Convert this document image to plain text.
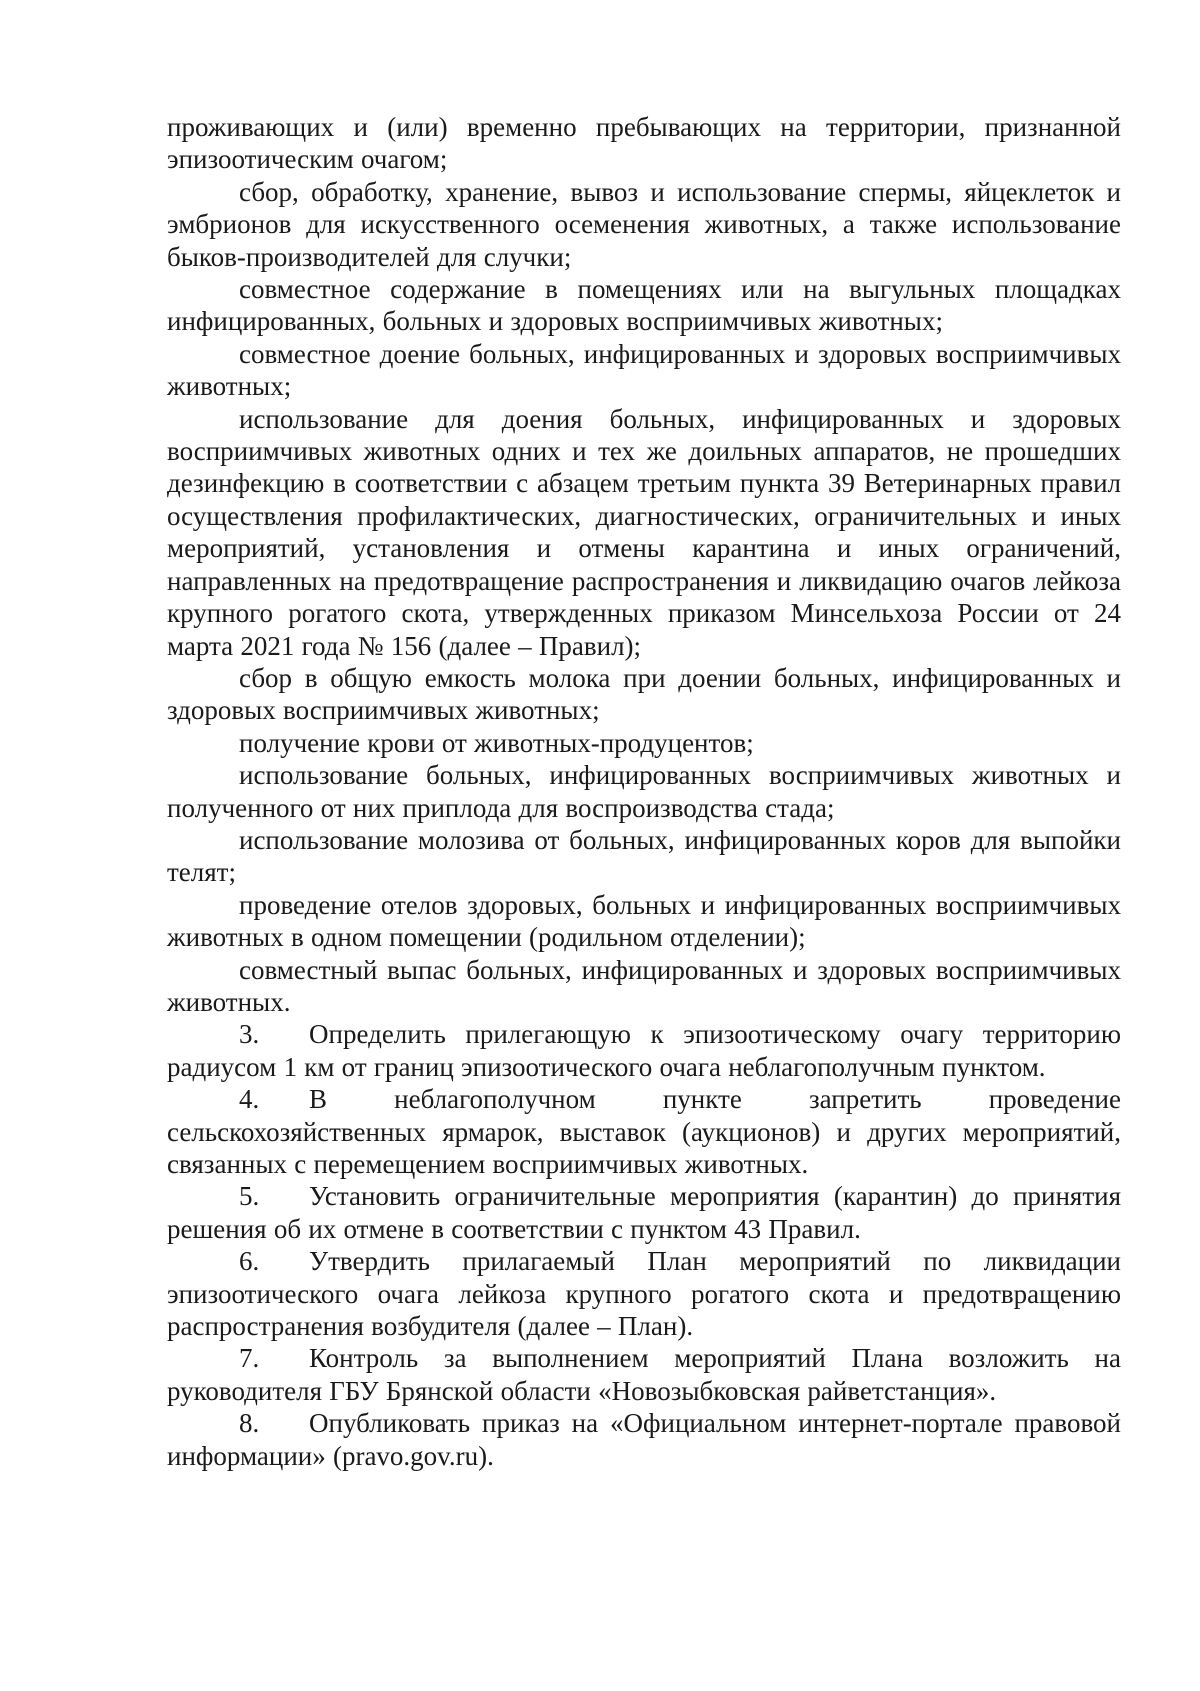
проживающих и (или) временно пребывающих на территории, признанной эпизоотическим очагом;

сбор, обработку, хранение, вывоз и использование спермы, яйцеклеток и эмбрионов для искусственного осеменения животных, а также использование быков-производителей для случки;

совместное содержание в помещениях или на выгульных площадках инфицированных, больных и здоровых восприимчивых животных;

совместное доение больных, инфицированных и здоровых восприимчивых животных;

использование для доения больных, инфицированных и здоровых восприимчивых животных одних и тех же доильных аппаратов, не прошедших дезинфекцию в соответствии с абзацем третьим пункта 39 Ветеринарных правил осуществления профилактических, диагностических, ограничительных и иных мероприятий, установления и отмены карантина и иных ограничений, направленных на предотвращение распространения и ликвидацию очагов лейкоза крупного рогатого скота, утвержденных приказом Минсельхоза России от 24 марта 2021 года № 156 (далее – Правил);

сбор в общую емкость молока при доении больных, инфицированных и здоровых восприимчивых животных;

получение крови от животных-продуцентов;

использование больных, инфицированных восприимчивых животных и полученного от них приплода для воспроизводства стада;

использование молозива от больных, инфицированных коров для выпойки телят;

проведение отелов здоровых, больных и инфицированных восприимчивых животных в одном помещении (родильном отделении);

совместный выпас больных, инфицированных и здоровых восприимчивых животных.

3. Определить прилегающую к эпизоотическому очагу территорию радиусом 1 км от границ эпизоотического очага неблагополучным пунктом.

4. В неблагополучном пункте запретить проведение сельскохозяйственных ярмарок, выставок (аукционов) и других мероприятий, связанных с перемещением восприимчивых животных.

5. Установить ограничительные мероприятия (карантин) до принятия решения об их отмене в соответствии с пунктом 43 Правил.

6. Утвердить прилагаемый План мероприятий по ликвидации эпизоотического очага лейкоза крупного рогатого скота и предотвращению распространения возбудителя (далее – План).

7. Контроль за выполнением мероприятий Плана возложить на руководителя ГБУ Брянской области «Новозыбковская райветстанция».

8. Опубликовать приказ на «Официальном интернет-портале правовой информации» (pravo.gov.ru).
